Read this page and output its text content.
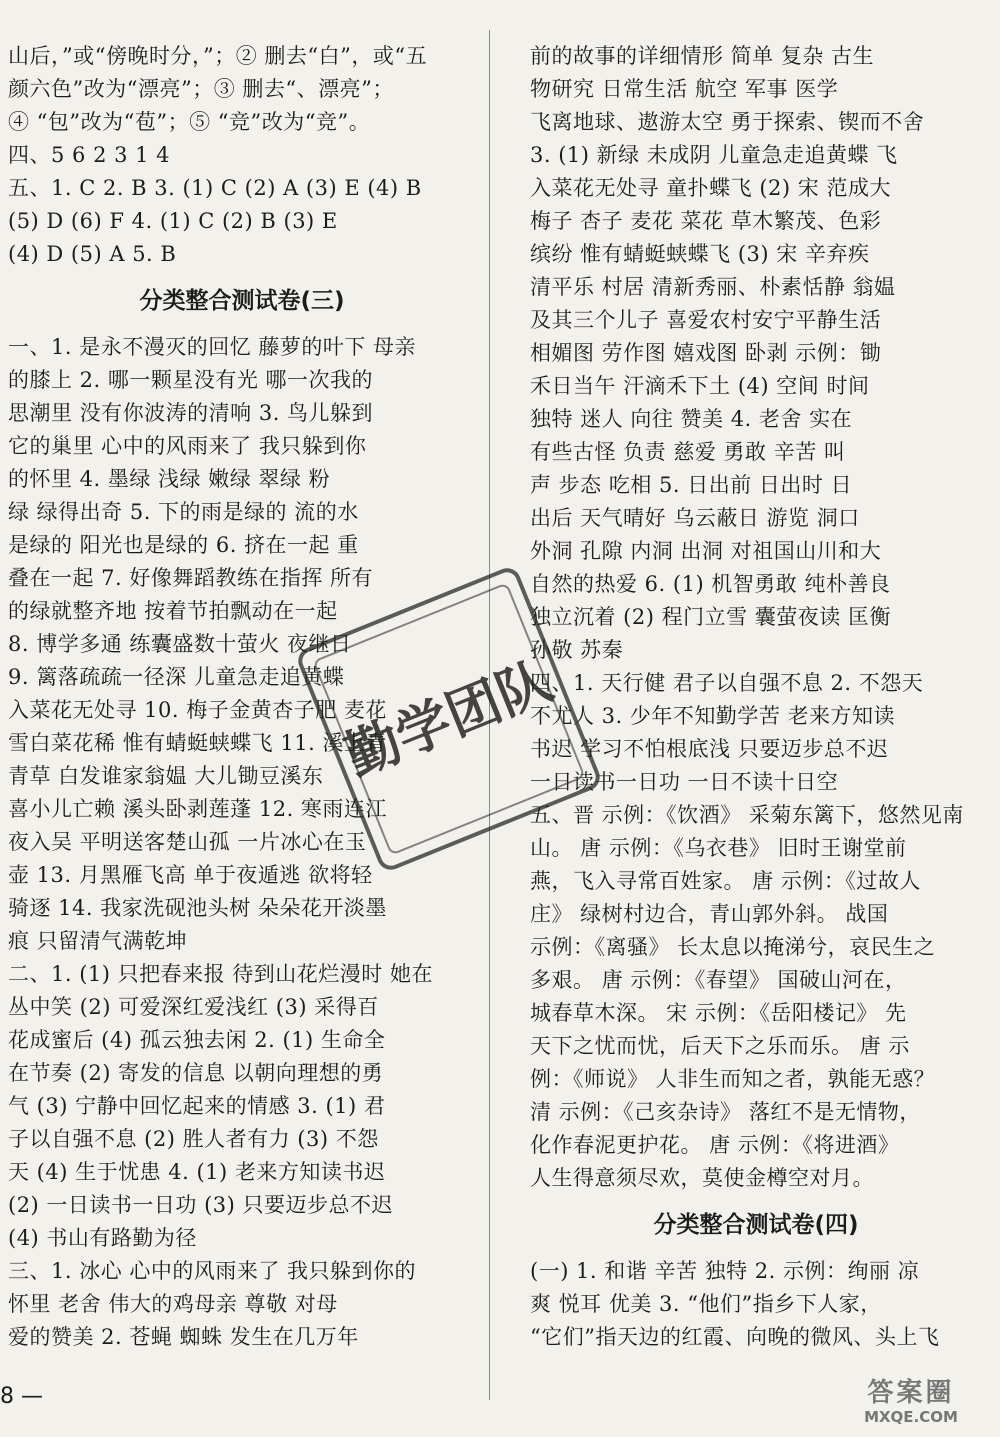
山后，”或“傍晚时分，”；② 删去“白”，或“五
颜六色”改为“漂亮”；③ 删去“、漂亮”；
④ “包”改为“苞”；⑤ “竞”改为“竞”。
四、5 6 2 3 1 4
五、1. C 2. B 3. (1) C (2) A (3) E (4) B
(5) D (6) F 4. (1) C (2) B (3) E
(4) D (5) A 5. B
分类整合测试卷(三)
一、1. 是永不漫灭的回忆 藤萝的叶下 母亲
的膝上 2. 哪一颗星没有光 哪一次我的
思潮里 没有你波涛的清响 3. 鸟儿躲到
它的巢里 心中的风雨来了 我只躲到你
的怀里 4. 墨绿 浅绿 嫩绿 翠绿 粉
绿 绿得出奇 5. 下的雨是绿的 流的水
是绿的 阳光也是绿的 6. 挤在一起 重
叠在一起 7. 好像舞蹈教练在指挥 所有
的绿就整齐地 按着节拍飘动在一起
8. 博学多通 练囊盛数十萤火 夜继日
9. 篱落疏疏一径深 儿童急走追黄蝶
入菜花无处寻 10. 梅子金黄杏子肥 麦花
雪白菜花稀 惟有蜻蜓蛱蝶飞 11. 溪上青
青草 白发谁家翁媪 大儿锄豆溪东
喜小儿亡赖 溪头卧剥莲蓬 12. 寒雨连江
夜入吴 平明送客楚山孤 一片冰心在玉
壶 13. 月黑雁飞高 单于夜遁逃 欲将轻
骑逐 14. 我家洗砚池头树 朵朵花开淡墨
痕 只留清气满乾坤
二、1. (1) 只把春来报 待到山花烂漫时 她在
丛中笑 (2) 可爱深红爱浅红 (3) 采得百
花成蜜后 (4) 孤云独去闲 2. (1) 生命全
在节奏 (2) 寄发的信息 以朝向理想的勇
气 (3) 宁静中回忆起来的情感 3. (1) 君
子以自强不息 (2) 胜人者有力 (3) 不怨
天 (4) 生于忧患 4. (1) 老来方知读书迟
(2) 一日读书一日功 (3) 只要迈步总不迟
(4) 书山有路勤为径
三、1. 冰心 心中的风雨来了 我只躲到你的
怀里 老舍 伟大的鸡母亲 尊敬 对母
爱的赞美 2. 苍蝇 蜘蛛 发生在几万年
前的故事的详细情形 简单 复杂 古生
物研究 日常生活 航空 军事 医学
飞离地球、遨游太空 勇于探索、锲而不舍
3. (1) 新绿 未成阴 儿童急走追黄蝶 飞
入菜花无处寻 童扑蝶飞 (2) 宋 范成大
梅子 杏子 麦花 菜花 草木繁茂、色彩
缤纷 惟有蜻蜓蛱蝶飞 (3) 宋 辛弃疾
清平乐 村居 清新秀丽、朴素恬静 翁媪
及其三个儿子 喜爱农村安宁平静生活
相媚图 劳作图 嬉戏图 卧剥 示例：锄
禾日当午 汗滴禾下土 (4) 空间 时间
独特 迷人 向往 赞美 4. 老舍 实在
有些古怪 负责 慈爱 勇敢 辛苦 叫
声 步态 吃相 5. 日出前 日出时 日
出后 天气晴好 乌云蔽日 游览 洞口
外洞 孔隙 内洞 出洞 对祖国山川和大
自然的热爱 6. (1) 机智勇敢 纯朴善良
独立沉着 (2) 程门立雪 囊萤夜读 匡衡
孙敬 苏秦
四、1. 天行健 君子以自强不息 2. 不怨天
不尤人 3. 少年不知勤学苦 老来方知读
书迟 学习不怕根底浅 只要迈步总不迟
一日读书一日功 一日不读十日空
五、晋 示例：《饮酒》 采菊东篱下，悠然见南
山。 唐 示例：《乌衣巷》 旧时王谢堂前
燕，飞入寻常百姓家。 唐 示例：《过故人
庄》 绿树村边合，青山郭外斜。 战国
示例：《离骚》 长太息以掩涕兮，哀民生之
多艰。 唐 示例：《春望》 国破山河在，
城春草木深。 宋 示例：《岳阳楼记》 先
天下之忧而忧，后天下之乐而乐。 唐 示
例：《师说》 人非生而知之者，孰能无惑？
清 示例：《己亥杂诗》 落红不是无情物，
化作春泥更护花。 唐 示例：《将进酒》
人生得意须尽欢，莫使金樽空对月。
分类整合测试卷(四)
(一) 1. 和谐 辛苦 独特 2. 示例：绚丽 凉
爽 悦耳 优美 3. “他们”指乡下人家，
“它们”指天边的红霞、向晚的微风、头上飞
勤学团队
8 —	答案圈
MXQE.COM
